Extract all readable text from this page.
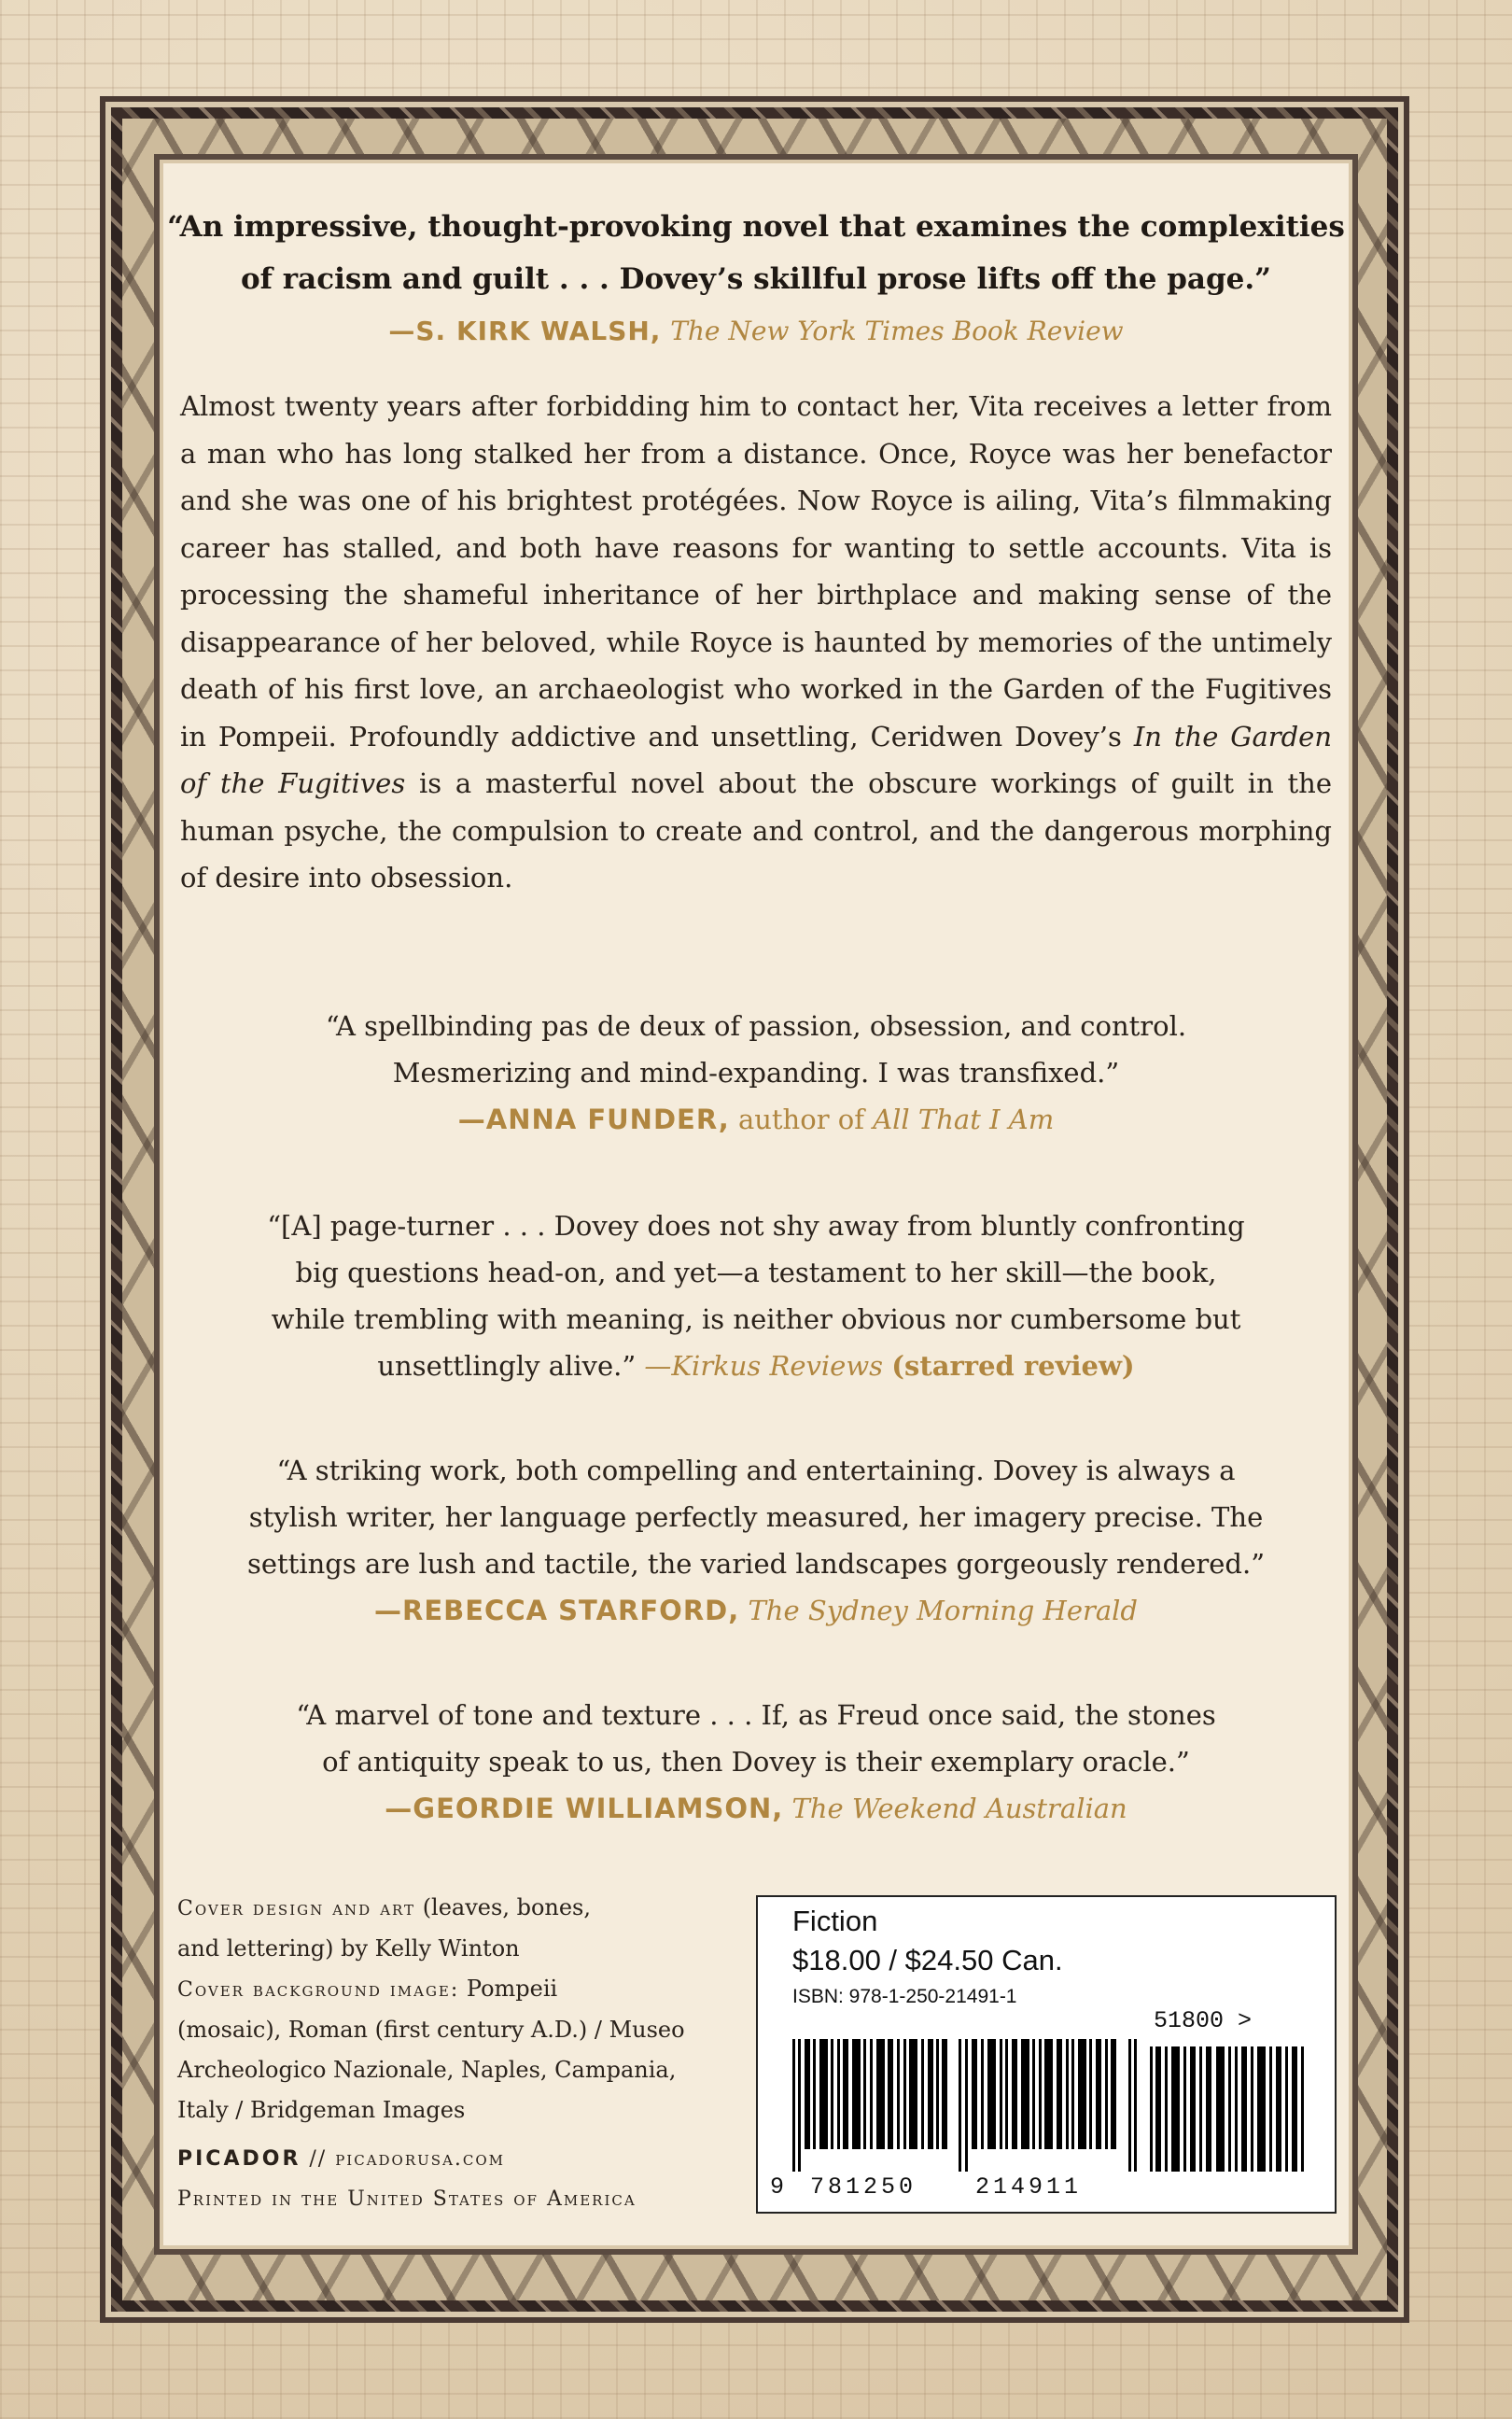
“An impressive, thought-provoking novel that examines the complexities
of racism and guilt . . . Dovey’s skillful prose lifts off the page.”
—S. KIRK WALSH, The New York Times Book Review
Almost twenty years after forbidding him to contact her, Vita receives a letter from a man who has long stalked her from a distance. Once, Royce was her benefactor and she was one of his brightest protégées. Now Royce is ailing, Vita’s filmmaking career has stalled, and both have reasons for wanting to settle accounts. Vita is processing the shameful inheritance of her birthplace and making sense of the disappearance of her beloved, while Royce is haunted by memories of the untimely death of his first love, an archaeologist who worked in the Garden of the Fugitives in Pompeii. Profoundly addictive and unsettling, Ceridwen Dovey’s In the Garden of the Fugitives is a masterful novel about the obscure workings of guilt in the human psyche, the compulsion to create and control, and the dangerous morphing of desire into obsession.
“A spellbinding pas de deux of passion, obsession, and control.
Mesmerizing and mind-expanding. I was transfixed.”
—ANNA FUNDER, author of All That I Am
“[A] page-turner . . . Dovey does not shy away from bluntly confronting
big questions head-on, and yet—a testament to her skill—the book,
while trembling with meaning, is neither obvious nor cumbersome but
unsettlingly alive.” —Kirkus Reviews (starred review)
“A striking work, both compelling and entertaining. Dovey is always a
stylish writer, her language perfectly measured, her imagery precise. The
settings are lush and tactile, the varied landscapes gorgeously rendered.”
—REBECCA STARFORD, The Sydney Morning Herald
“A marvel of tone and texture . . . If, as Freud once said, the stones
of antiquity speak to us, then Dovey is their exemplary oracle.”
—GEORDIE WILLIAMSON, The Weekend Australian
Cover design and art (leaves, bones,
and lettering) by Kelly Winton
Cover background image: Pompeii
(mosaic), Roman (first century A.D.) / Museo
Archeologico Nazionale, Naples, Campania,
Italy / Bridgeman Images
PICADOR // picadorusa.com
Printed in the United States of America
Fiction
$18.00 / $24.50 Can.
ISBN: 978-1-250-21491-1
51800 >
9 781250	214911
